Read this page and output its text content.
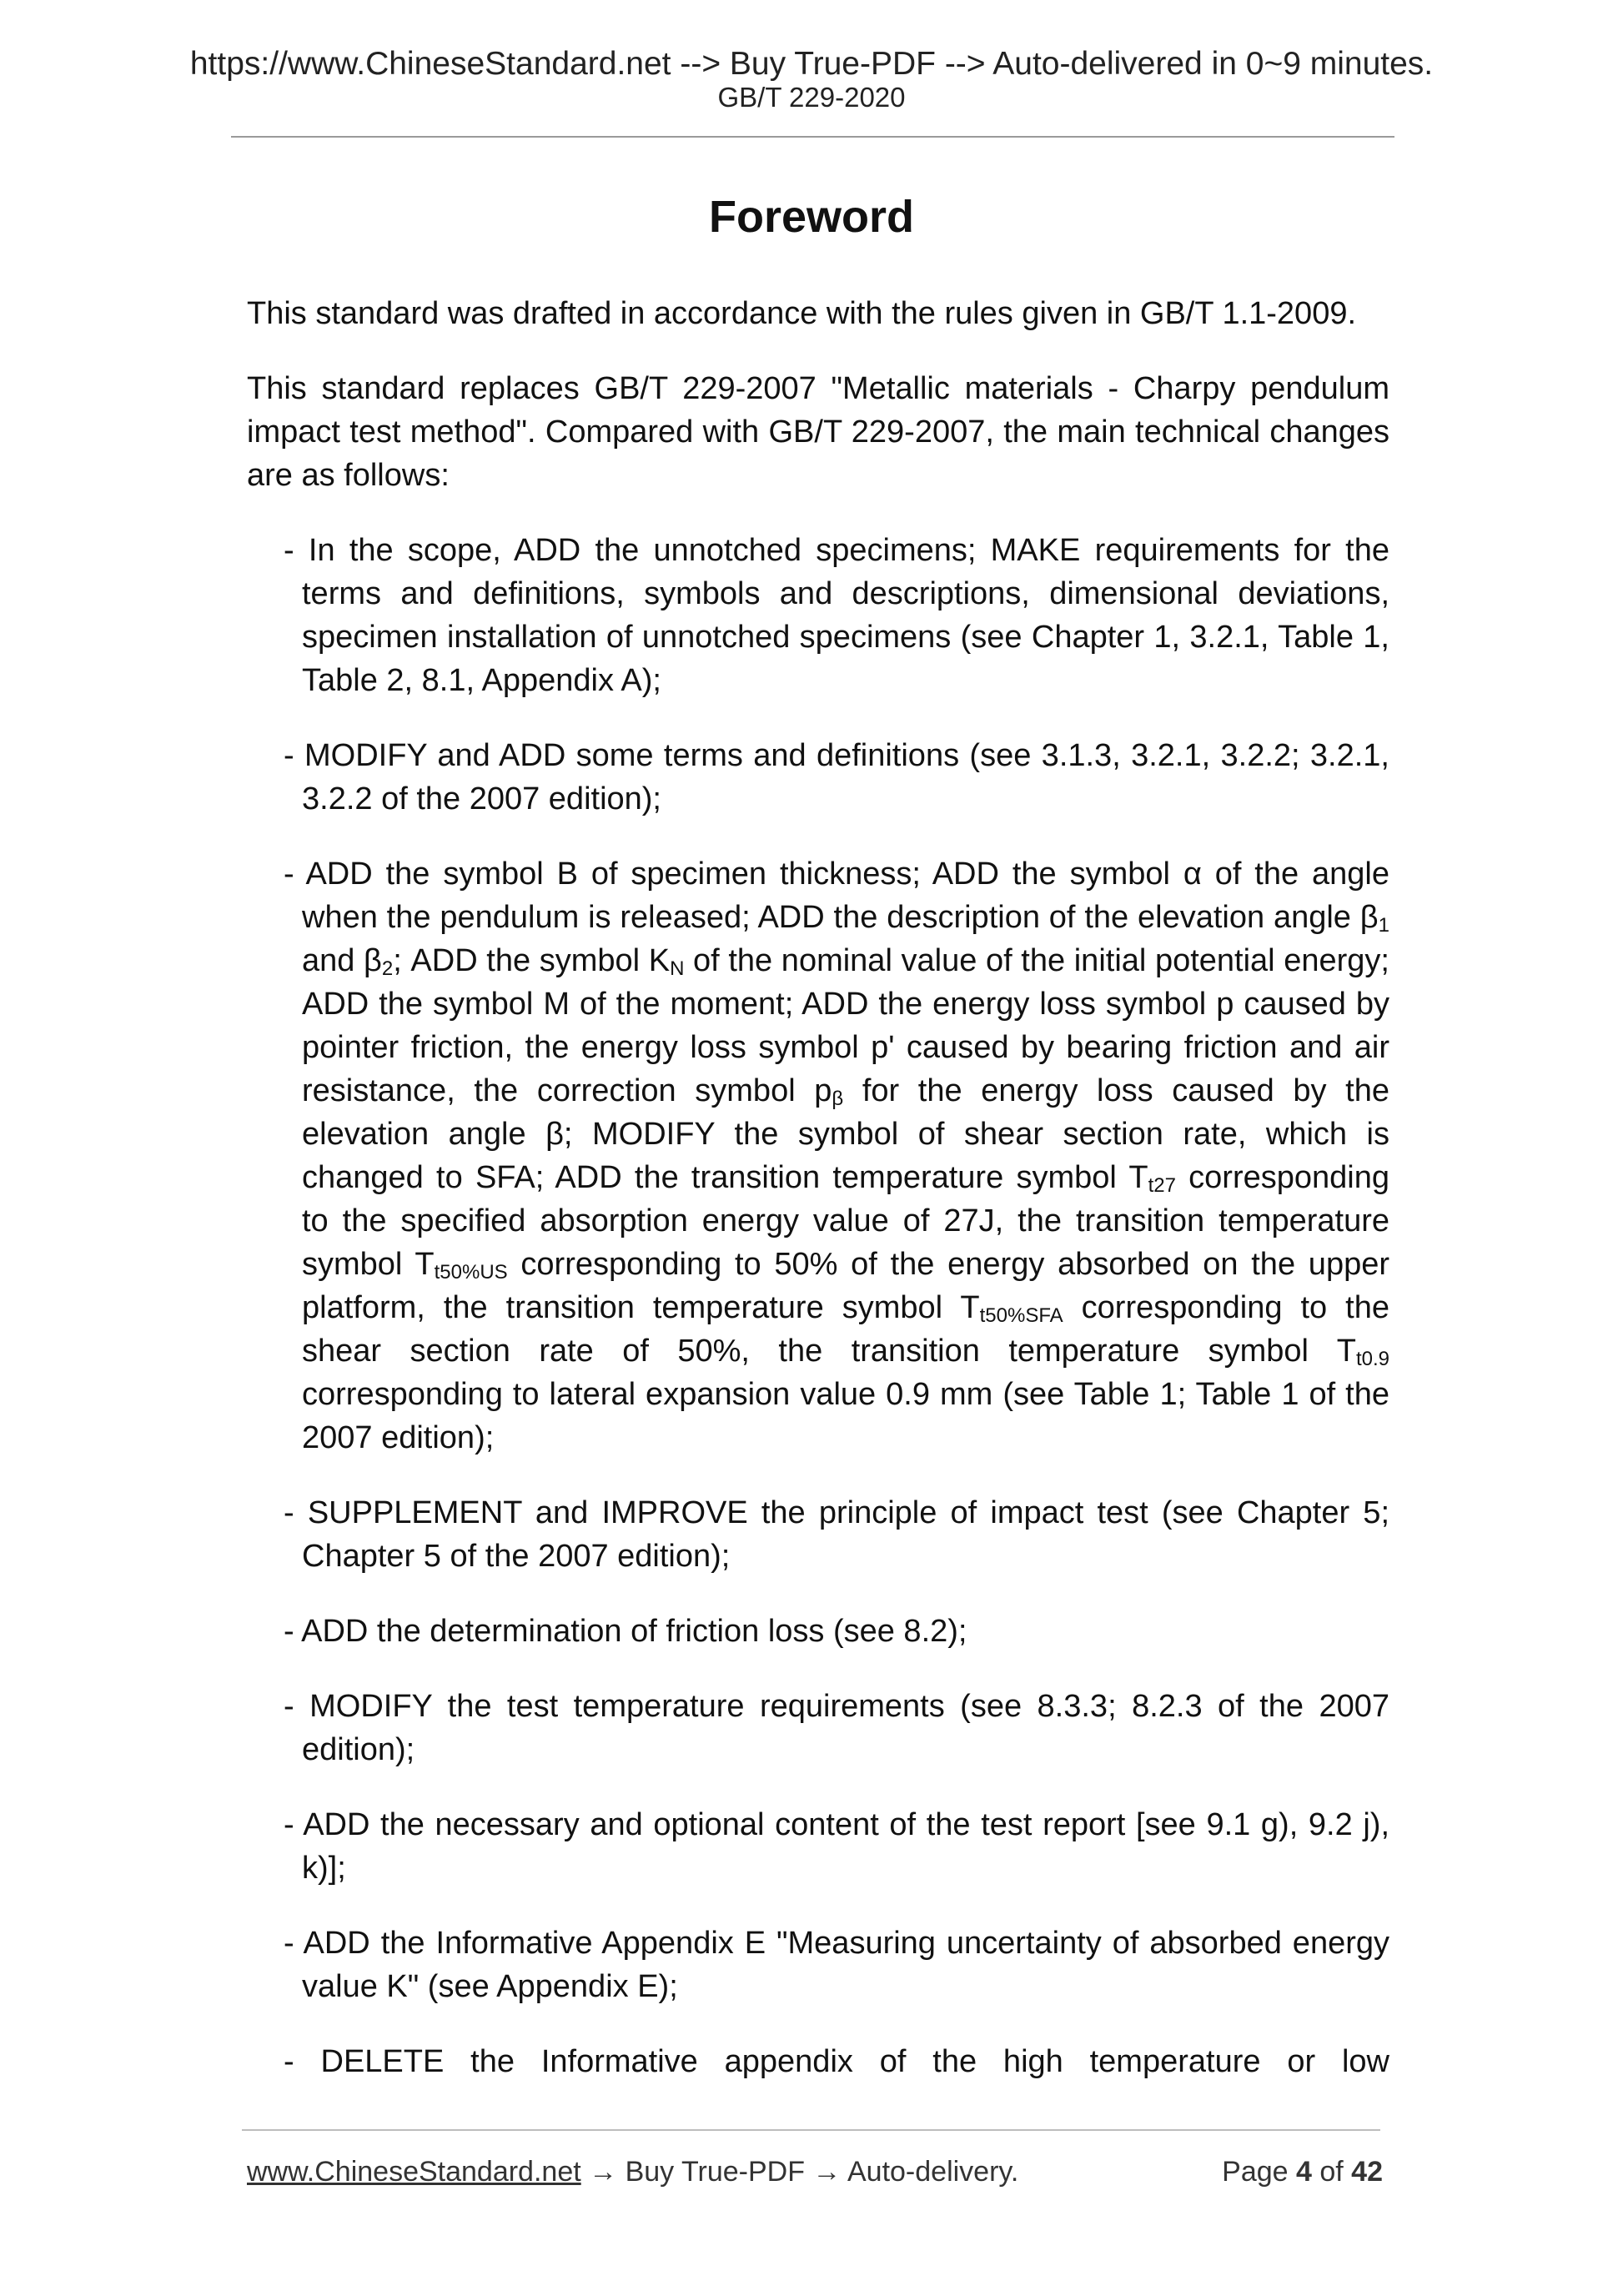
https://www.ChineseStandard.net --> Buy True-PDF --> Auto-delivered in 0~9 minutes.
GB/T 229-2020
Foreword

This standard was drafted in accordance with the rules given in GB/T 1.1-2009.

This standard replaces GB/T 229-2007 "Metallic materials - Charpy pendulum impact test method". Compared with GB/T 229-2007, the main technical changes are as follows:

- In the scope, ADD the unnotched specimens; MAKE requirements for the terms and definitions, symbols and descriptions, dimensional deviations, specimen installation of unnotched specimens (see Chapter 1, 3.2.1, Table 1, Table 2, 8.1, Appendix A);

- MODIFY and ADD some terms and definitions (see 3.1.3, 3.2.1, 3.2.2; 3.2.1, 3.2.2 of the 2007 edition);

- ADD the symbol B of specimen thickness; ADD the symbol α of the angle when the pendulum is released; ADD the description of the elevation angle $\beta_1$ and $\beta_2$; ADD the symbol $K_N$ of the nominal value of the initial potential energy; ADD the symbol M of the moment; ADD the energy loss symbol p caused by pointer friction, the energy loss symbol p' caused by bearing friction and air resistance, the correction symbol $p_\beta$ for the energy loss caused by the elevation angle β; MODIFY the symbol of shear section rate, which is changed to SFA; ADD the transition temperature symbol $T_{t27}$ corresponding to the specified absorption energy value of 27J, the transition temperature symbol $T_{t50\%US}$ corresponding to 50% of the energy absorbed on the upper platform, the transition temperature symbol $T_{t50\%SFA}$ corresponding to the shear section rate of 50%, the transition temperature symbol $T_{t0.9}$ corresponding to lateral expansion value 0.9 mm (see Table 1; Table 1 of the 2007 edition);

- SUPPLEMENT and IMPROVE the principle of impact test (see Chapter 5; Chapter 5 of the 2007 edition);

- ADD the determination of friction loss (see 8.2);

- MODIFY the test temperature requirements (see 8.3.3; 8.2.3 of the 2007 edition);

- ADD the necessary and optional content of the test report [see 9.1 g), 9.2 j), k)];

- ADD the Informative Appendix E "Measuring uncertainty of absorbed energy value K" (see Appendix E);

- DELETE the Informative appendix of the high temperature or low

www.ChineseStandard.net → Buy True-PDF → Auto-delivery.	Page 4 of 42
